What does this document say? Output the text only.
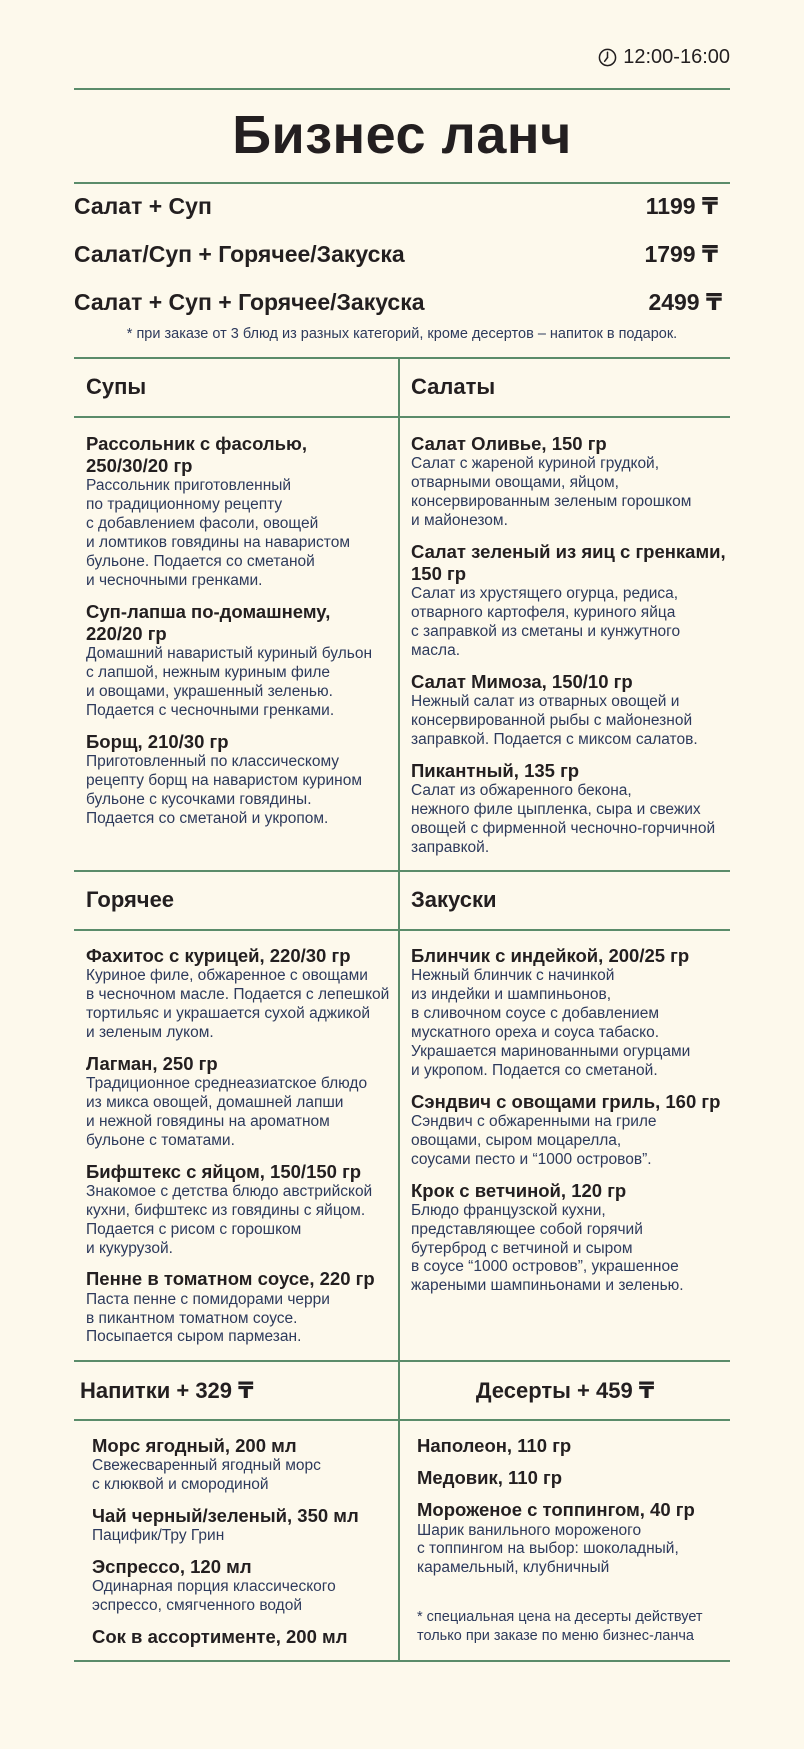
12:00-16:00
Бизнес ланч
Салат + Суп	1199 ₸
Салат/Суп + Горячее/Закуска	1799 ₸
Салат + Суп + Горячее/Закуска	2499 ₸
* при заказе от 3 блюд из разных категорий, кроме десертов – напиток в подарок.
Супы	Салаты
Горячее	Закуски
Напитки + 329 ₸	Десерты + 459 ₸
Рассольник с фасолью,
250/30/20 гр
Рассольник приготовленный
по традиционному рецепту
с добавлением фасоли, овощей
и ломтиков говядины на наваристом
бульоне. Подается со сметаной
и чесночными гренками.
Суп-лапша по-домашнему,
220/20 гр
Домашний наваристый куриный бульон
с лапшой, нежным куриным филе
и овощами, украшенный зеленью.
Подается с чесночными гренками.
Борщ, 210/30 гр
Приготовленный по классическому
рецепту борщ на наваристом курином
бульоне с кусочками говядины.
Подается со сметаной и укропом.
Салат Оливье, 150 гр
Салат с жареной куриной грудкой,
отварными овощами, яйцом,
консервированным зеленым горошком
и майонезом.
Салат зеленый из яиц с гренками,
150 гр
Салат из хрустящего огурца, редиса,
отварного картофеля, куриного яйца
с заправкой из сметаны и кунжутного
масла.
Салат Мимоза, 150/10 гр
Нежный салат из отварных овощей и
консервированной рыбы с майонезной
заправкой. Подается с миксом салатов.
Пикантный, 135 гр
Салат из обжаренного бекона,
нежного филе цыпленка, сыра и свежих
овощей с фирменной чесночно-горчичной
заправкой.
Фахитос с курицей, 220/30 гр
Куриное филе, обжаренное с овощами
в чесночном масле. Подается с лепешкой
тортильяс и украшается сухой аджикой
и зеленым луком.
Лагман, 250 гр
Традиционное среднеазиатское блюдо
из микса овощей, домашней лапши
и нежной говядины на ароматном
бульоне с томатами.
Бифштекс с яйцом, 150/150 гр
Знакомое с детства блюдо австрийской
кухни, бифштекс из говядины с яйцом.
Подается с рисом с горошком
и кукурузой.
Пенне в томатном соусе, 220 гр
Паста пенне с помидорами черри
в пикантном томатном соусе.
Посыпается сыром пармезан.
Блинчик с индейкой, 200/25 гр
Нежный блинчик с начинкой
из индейки и шампиньонов,
в сливочном соусе с добавлением
мускатного ореха и соуса табаско.
Украшается маринованными огурцами
и укропом. Подается со сметаной.
Сэндвич с овощами гриль, 160 гр
Сэндвич с обжаренными на гриле
овощами, сыром моцарелла,
соусами песто и “1000 островов”.
Крок с ветчиной, 120 гр
Блюдо французской кухни,
представляющее собой горячий
бутерброд с ветчиной и сыром
в соусе “1000 островов”, украшенное
жареными шампиньонами и зеленью.
Морс ягодный, 200 мл
Свежесваренный ягодный морс
с клюквой и смородиной
Чай черный/зеленый, 350 мл
Пацифик/Тру Грин
Эспрессо, 120 мл
Одинарная порция классического
эспрессо, смягченного водой
Сок в ассортименте, 200 мл
Наполеон, 110 гр
Медовик, 110 гр
Мороженое с топпингом, 40 гр
Шарик ванильного мороженого
с топпингом на выбор: шоколадный,
карамельный, клубничный
* специальная цена на десерты действует
только при заказе по меню бизнес-ланча
